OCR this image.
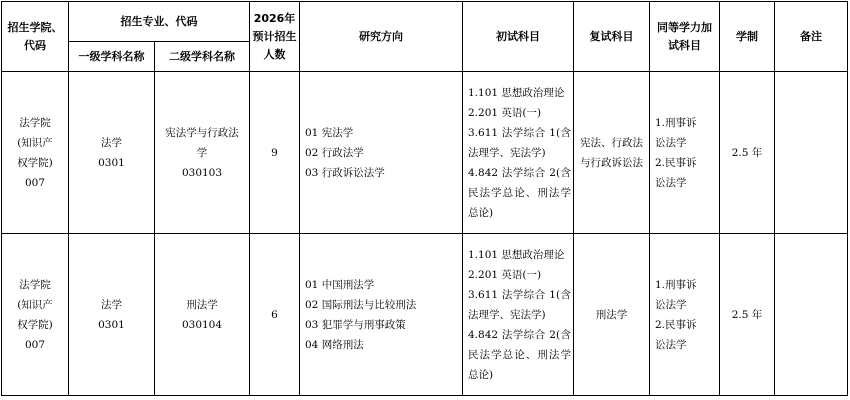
招生学院、代码	招生专业、代码		2026年预计招生人数	研究方向	初试科目	复试科目	同等学力加试科目	学制	备注
	一级学科名称	二级学科名称							

法学院
(知识产
权学院)
007	法学
0301	宪法学与行政法
学
030103	9	01 宪法学
02 行政法学
03 行政诉讼法学	1.101 思想政治理论
2.201 英语(一)
3.611 法学综合 1(含法理学、宪法学)
4.842 法学综合 2(含民法学总论、刑法学总论)	宪法、行政法
与行政诉讼法	1.刑事诉
讼法学
2.民事诉
讼法学	2.5 年	

法学院
(知识产
权学院)
007	法学
0301	刑法学
030104	6	01 中国刑法学
02 国际刑法与比较刑法
03 犯罪学与刑事政策
04 网络刑法	1.101 思想政治理论
2.201 英语(一)
3.611 法学综合 1(含法理学、宪法学)
4.842 法学综合 2(含民法学总论、刑法学总论)	刑法学	1.刑事诉
讼法学
2.民事诉
讼法学	2.5 年	
